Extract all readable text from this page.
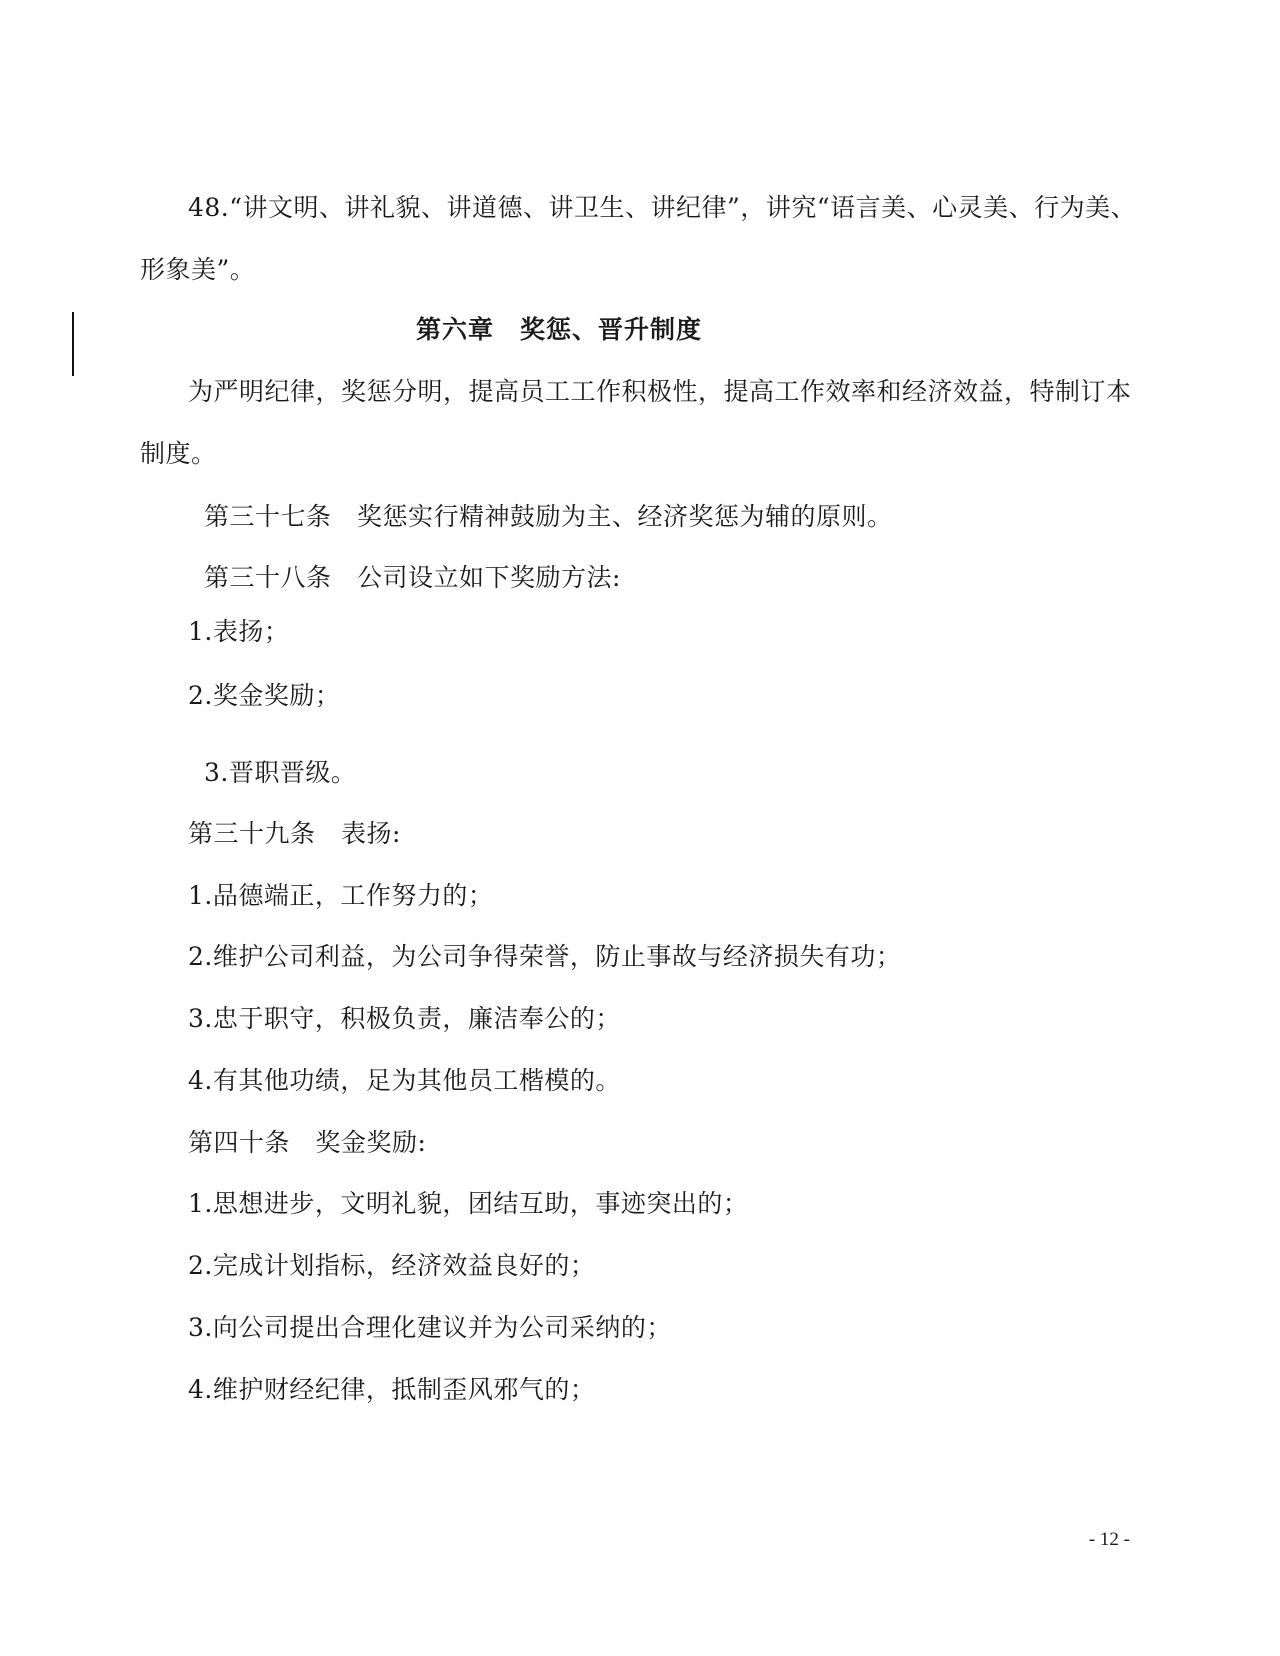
48.“讲文明、讲礼貌、讲道德、讲卫生、讲纪律”，讲究“语言美、心灵美、行为美、
形象美”。
第六章　奖惩、晋升制度
为严明纪律，奖惩分明，提高员工工作积极性，提高工作效率和经济效益，特制订本
制度。
第三十七条　奖惩实行精神鼓励为主、经济奖惩为辅的原则。
第三十八条　公司设立如下奖励方法:
1.表扬；
2.奖金奖励；
3.晋职晋级。
第三十九条　表扬:
1.品德端正，工作努力的；
2.维护公司利益，为公司争得荣誉，防止事故与经济损失有功；
3.忠于职守，积极负责，廉洁奉公的；
4.有其他功绩，足为其他员工楷模的。
第四十条　奖金奖励:
1.思想进步，文明礼貌，团结互助，事迹突出的；
2.完成计划指标，经济效益良好的；
3.向公司提出合理化建议并为公司采纳的；
4.维护财经纪律，抵制歪风邪气的；
- 12 -
